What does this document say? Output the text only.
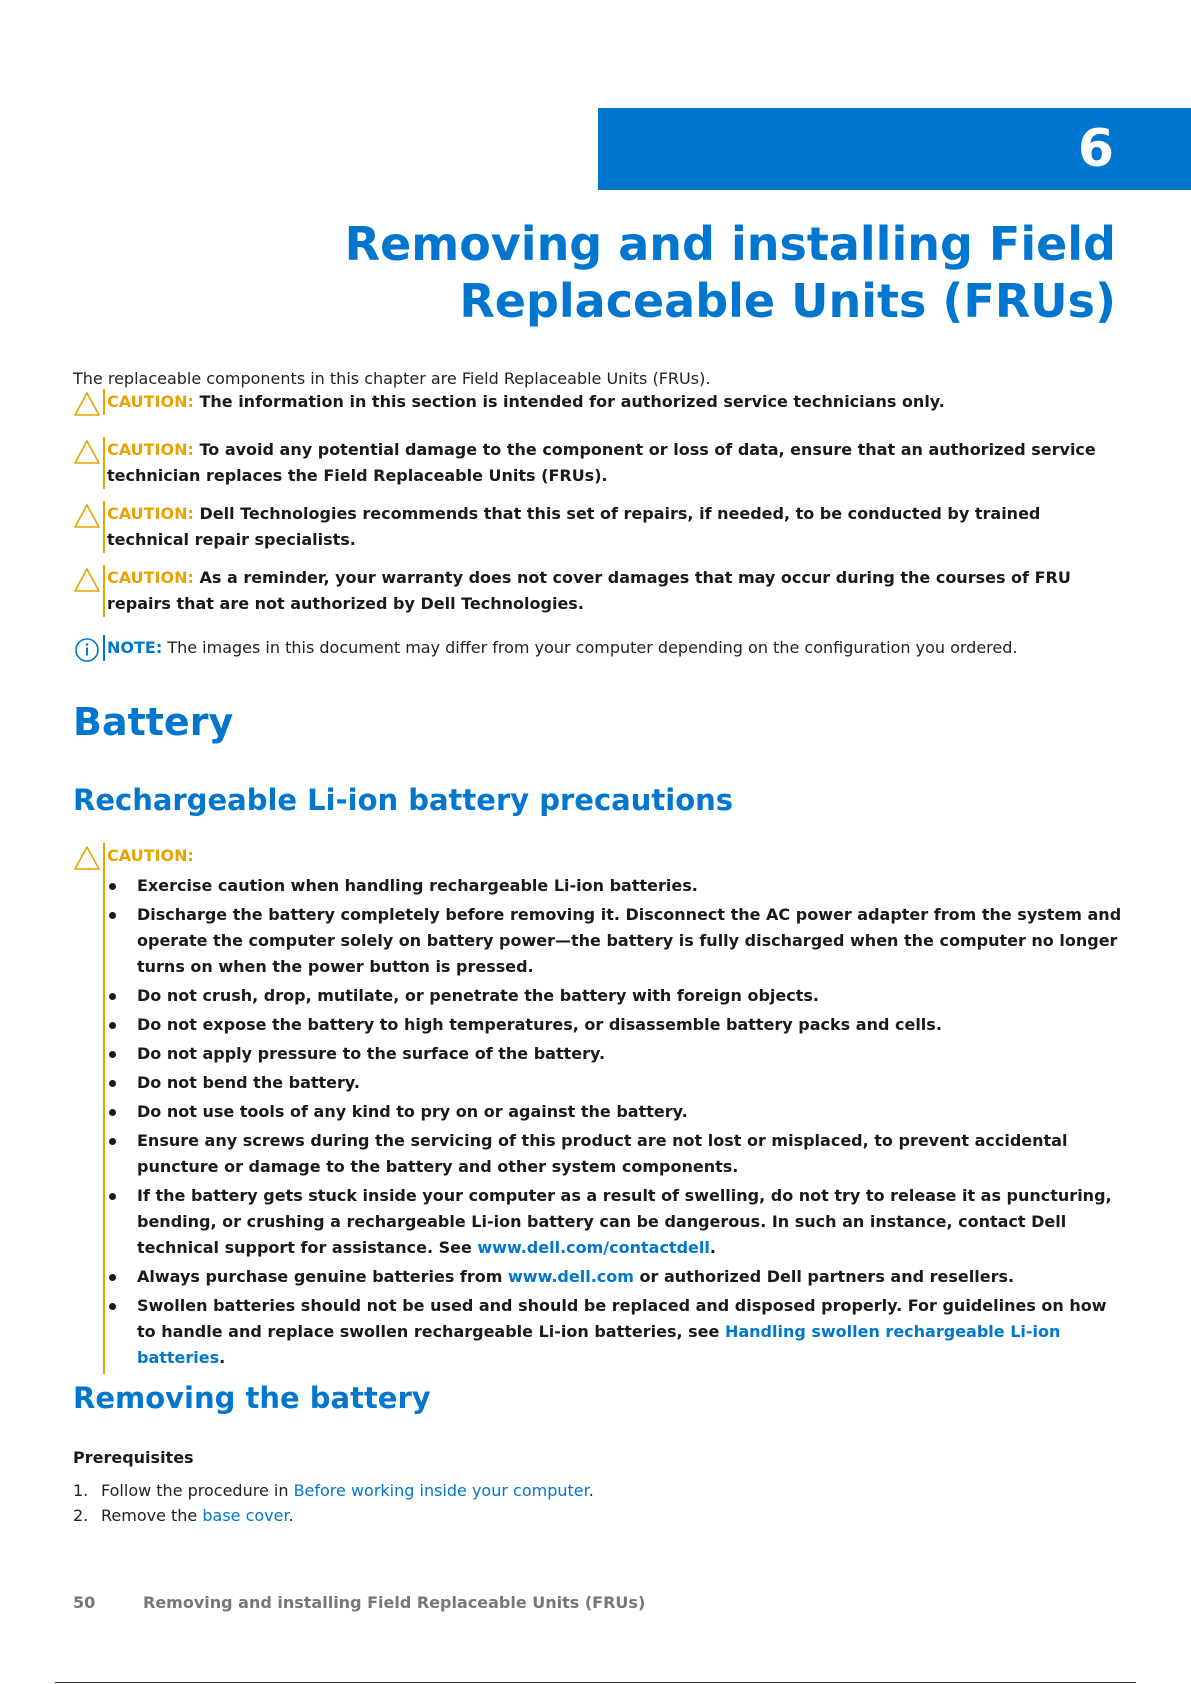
6
Removing and installing Field Replaceable Units (FRUs)

The replaceable components in this chapter are Field Replaceable Units (FRUs).

CAUTION: The information in this section is intended for authorized service technicians only.

CAUTION: To avoid any potential damage to the component or loss of data, ensure that an authorized service technician replaces the Field Replaceable Units (FRUs).

CAUTION: Dell Technologies recommends that this set of repairs, if needed, to be conducted by trained technical repair specialists.

CAUTION: As a reminder, your warranty does not cover damages that may occur during the courses of FRU repairs that are not authorized by Dell Technologies.

NOTE: The images in this document may differ from your computer depending on the configuration you ordered.

Battery
Rechargeable Li-ion battery precautions

CAUTION:

Exercise caution when handling rechargeable Li-ion batteries.
Discharge the battery completely before removing it. Disconnect the AC power adapter from the system and operate the computer solely on battery power—the battery is fully discharged when the computer no longer turns on when the power button is pressed.
Do not crush, drop, mutilate, or penetrate the battery with foreign objects.
Do not expose the battery to high temperatures, or disassemble battery packs and cells.
Do not apply pressure to the surface of the battery.
Do not bend the battery.
Do not use tools of any kind to pry on or against the battery.
Ensure any screws during the servicing of this product are not lost or misplaced, to prevent accidental puncture or damage to the battery and other system components.
If the battery gets stuck inside your computer as a result of swelling, do not try to release it as puncturing, bending, or crushing a rechargeable Li-ion battery can be dangerous. In such an instance, contact Dell technical support for assistance. See www.dell.com/contactdell.
Always purchase genuine batteries from www.dell.com or authorized Dell partners and resellers.
Swollen batteries should not be used and should be replaced and disposed properly. For guidelines on how to handle and replace swollen rechargeable Li-ion batteries, see Handling swollen rechargeable Li-ion batteries.
Removing the battery

Prerequisites

1. Follow the procedure in Before working inside your computer.
2. Remove the base cover.
50	Removing and installing Field Replaceable Units (FRUs)
